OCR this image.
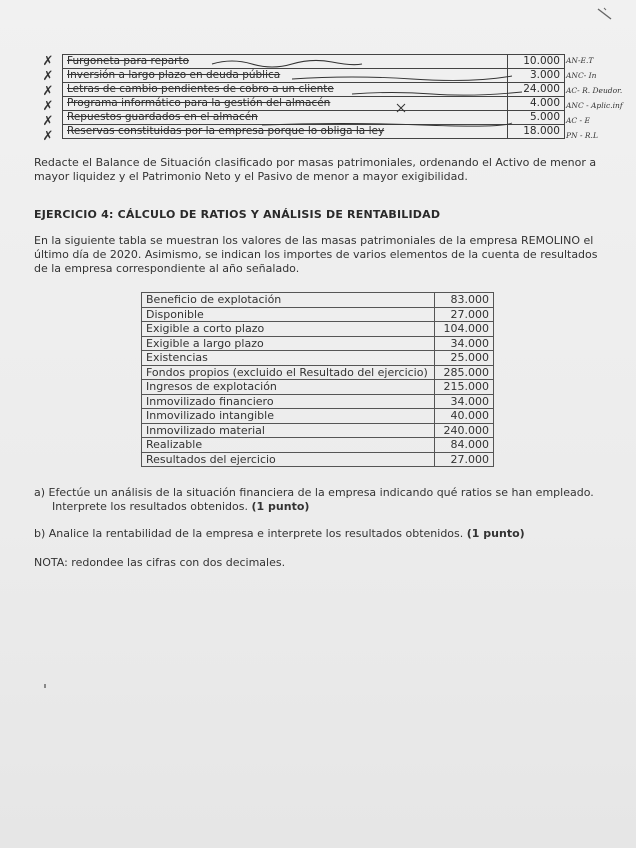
✗
✗
✗
✗
✗
✗
Furgoneta para reparto	10.000
Inversión a largo plazo en deuda pública	3.000
Letras de cambio pendientes de cobro a un cliente	24.000
Programa informático para la gestión del almacén	4.000
Repuestos guardados en el almacén	5.000
Reservas constituidas por la empresa porque lo obliga la ley	18.000
AN-E.T
ANC- In
AC- R. Deudor.
ANC - Aplic.inf
AC - E
PN - R.L
Redacte el Balance de Situación clasificado por masas patrimoniales, ordenando el Activo de menor a mayor liquidez y el Patrimonio Neto y el Pasivo de menor a mayor exigibilidad.
EJERCICIO 4: CÁLCULO DE RATIOS Y ANÁLISIS DE RENTABILIDAD
En la siguiente tabla se muestran los valores de las masas patrimoniales de la empresa REMOLINO el último día de 2020. Asimismo, se indican los importes de varios elementos de la cuenta de resultados de la empresa correspondiente al año señalado.
Beneficio de explotación	83.000
Disponible	27.000
Exigible a corto plazo	104.000
Exigible a largo plazo	34.000
Existencias	25.000
Fondos propios (excluido el Resultado del ejercicio)	285.000
Ingresos de explotación	215.000
Inmovilizado financiero	34.000
Inmovilizado intangible	40.000
Inmovilizado material	240.000
Realizable	84.000
Resultados del ejercicio	27.000
a) Efectúe un análisis de la situación financiera de la empresa indicando qué ratios se han empleado.
Interprete los resultados obtenidos. (1 punto)
b) Analice la rentabilidad de la empresa e interprete los resultados obtenidos. (1 punto)
NOTA: redondee las cifras con dos decimales.
